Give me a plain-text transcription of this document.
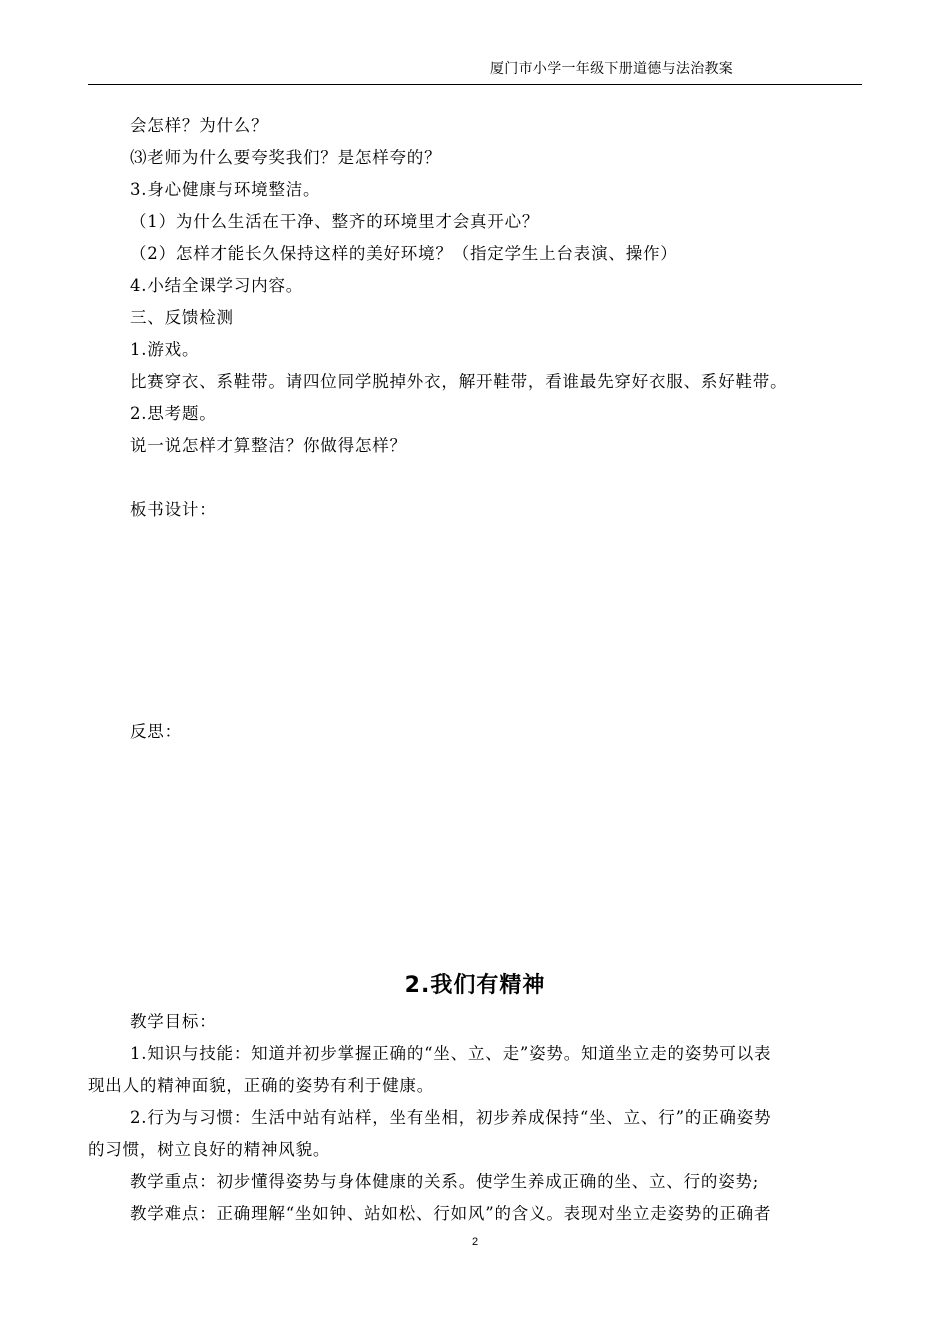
厦门市小学一年级下册道德与法治教案
会怎样？为什么？
⑶老师为什么要夸奖我们？是怎样夸的？
3.身心健康与环境整洁。
（1）为什么生活在干净、整齐的环境里才会真开心？
（2）怎样才能长久保持这样的美好环境？（指定学生上台表演、操作）
4.小结全课学习内容。
三、反馈检测
1.游戏。
比赛穿衣、系鞋带。请四位同学脱掉外衣，解开鞋带，看谁最先穿好衣服、系好鞋带。
2.思考题。
说一说怎样才算整洁？你做得怎样？
板书设计：
反思：
2.我们有精神
教学目标：
1.知识与技能：知道并初步掌握正确的“坐、立、走”姿势。知道坐立走的姿势可以表
现出人的精神面貌，正确的姿势有利于健康。
2.行为与习惯：生活中站有站样，坐有坐相，初步养成保持“坐、立、行”的正确姿势
的习惯，树立良好的精神风貌。
教学重点：初步懂得姿势与身体健康的关系。使学生养成正确的坐、立、行的姿势;
教学难点：正确理解“坐如钟、站如松、行如风”的含义。表现对坐立走姿势的正确者
2
